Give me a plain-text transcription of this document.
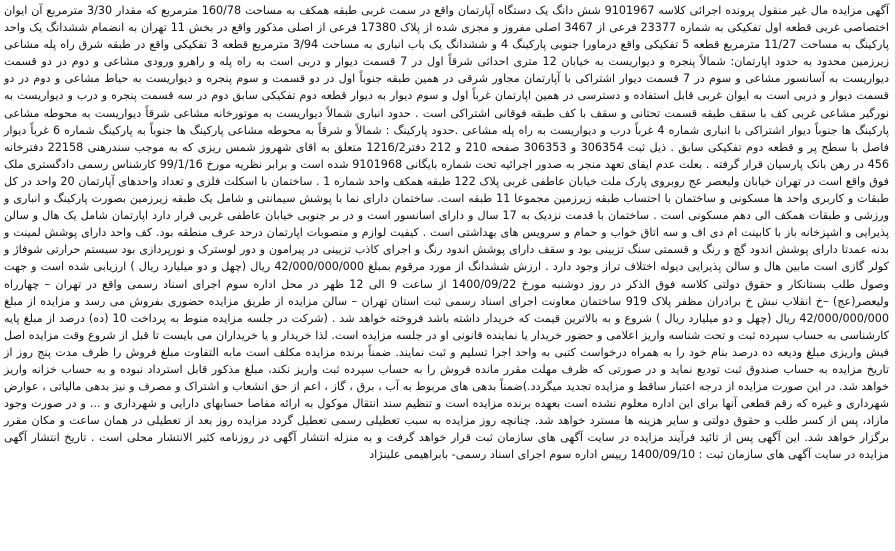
آگهی مزایده مال غیر منقول پرونده اجرائی کلاسه 9101967 شش دانگ یک دستگاه آپارتمان واقع در سمت غربی طبقه همکف به مساحت 160/78 مترمربع که مقدار 3/30 مترمربع آن ایوان اختصاصی غربی قطعه اول تفکیکی به شماره 23377 فرعی از 3467 اصلی مفروز و مجزی شده از پلاک 17380 فرعی از اصلی مذکور واقع در بخش 11 تهران به انضمام ششدانگ یک واحد پارکینگ به مساحت 11/27 مترمربع قطعه 5 تفکیکی واقع درماورا جنوبی پارکینگ 4 و ششدانگ یک باب انباری به مساحت 3/94 مترمربع قطعه 3 تفکیکی واقع در طبقه شرق راه پله مشاعی زیرزمین محدود به حدود اپارتمان: شمالاً پنجره و دیواریست به خیابان 12 متری احداثی شرقاً اول در 7 قسمت دیوار و دربی است به راه پله و راهرو ورودی مشاعی و دوم در دو قسمت دیواریست به آسانسور مشاعی و سوم در 7 قسمت دیوار اشتراکی با آپارتمان مجاور شرقی در همین طبقه جنوباً اول در دو قسمت و سوم پنجره و دیواریست به حیاط مشاعی و دوم در دو قسمت دیوار و دربی است به ایوان غربی قابل استفاده و دسترسی در همین اپارتمان غرباً اول و سوم دیوار به دیوار قطعه دوم تفکیکی سابق دوم در سه قسمت پنجره و درب و دیواریست به نورگیر مشاعی غربی کف با سقف طبقه قسمت تحتانی و سقف با کف طبقه فوقانی اشتراکی است . حدود انباری شمالاً دیواریست به موتورخانه مشاعی شرقاً دیواریست به محوطه مشاعی پارکینگ ها جنوباً دیوار اشتراکی با انباری شماره 4 غرباً درب و دیواریست به راه پله مشاعی .حدود پارکینگ : شمالاً و شرقاً به محوطه مشاعی پارکینگ ها جنوباً به پارکینگ شماره 6 غرباً دیوار فاصل با سطح پر و قطعه دوم تفکیکی سابق . ذیل ثبت 306354 و 306353 صفحه 210 و 212 دفتر1216/2 متعلق به اقای شهروز شمس ریزی که به موجب سندرهنی 22158 دفترخانه 456 در رهن بانک پارسیان قرار گرفته . بعلت عدم ایفای تعهد منجر به صدور اجرائیه تحت شماره بایگانی 9101968 شده است و برابر نظریه مورخ 99/1/16 کارشناس رسمی دادگستری ملک فوق واقع است در تهران خیابان ولیعصر عج روبروی پارک ملت خیابان عاطفی غربی پلاک 122 طبقه همکف واحد شماره 1 . ساختمان با اسکلت فلزی و تعداد واحدهای آپارتمان 20 واحد در کل طبقات و کاربری واحد ها مسکونی و ساختمان با احتساب طبقه زیرزمین مجموعا 11 طبقه است. ساختمان دارای نما با پوشش سیمانتی و شامل یک طبقه زیرزمین بصورت پارکینگ و انباری و ورزشی و طبقات همکف الی دهم مسکونی است . ساختمان با قدمت نزدیک به 17 سال و دارای اسانسور است و در بر جنوبی خیابان عاطفی غربی قرار دارد اپارتمان شامل یک هال و سالن پذیرایی و اشپزخانه باز با کابینت ام دی اف و سه اتاق خواب و حمام و سرویس های بهداشتی است . کیفیت لوازم و منصوبات اپارتمان درحد عرف منطقه بود. کف واحد دارای پوشش لمینت و بدنه عمدتا دارای پوشش اندود گچ و رنگ و قسمتی سنگ تزیینی بود و سقف دارای پوشش اندود رنگ و اجرای کاذب تزیینی در پیرامون و دور لوسترک و نورپردازی بود سیستم حرارتی شوفاژ و کولر گازی است مابین هال و سالن پذیرایی دیوله اختلاف تراز وجود دارد . ارزش ششدانگ از مورد مرقوم بمبلغ 42/000/000/000 ریال (چهل و دو میلیارد ریال ) ارزیابی شده است و جهت وصول طلب بستانکار و حقوق دولتی کلاسه فوق الذکر در روز دوشنبه مورخ 1400/09/22 از ساعت 9 الی 12 ظهر در محل اداره سوم اجرای اسناد رسمی واقع در تهران – چهارراه ولیعصر(عج) –خ انقلاب نبش خ برادران مظفر پلاک 919 ساختمان معاونت اجرای اسناد رسمی ثبت استان تهران – سالن مزایده از طریق مزایده حضوری بفروش می رسد و مزایده از مبلغ 42/000/000/000 ریال (چهل و دو میلیارد ریال ) شروع و به بالاترین قیمت که خریدار داشته باشد فروخته خواهد شد . (شرکت در جلسه مزایده منوط به پرداخت 10 (ده) درصد از مبلغ پایه کارشناسی به حساب سپرده ثبت و تحت شناسه واریز اعلامی و حضور خریدار یا نماینده قانونی او در جلسه مزایده است. لذا خریدار و یا خریداران می بایست تا قبل از شروع وقت مزایده اصل فیش واریزی مبلغ ودیعه ده درصد بنام خود را به همراه درخواست کتبی به واحد اجرا تسلیم و ثبت نمایند. ضمناً برنده مزایده مکلف است مابه التفاوت مبلغ فروش را ظرف مدت پنج روز از تاریخ مزایده به حساب صندوق ثبت تودیع نماید و در صورتی که ظرف مهلت مقرر مانده فروش را به حساب سپرده ثبت واریز نکند، مبلغ مذکور قابل استرداد نبوده و به حساب خزانه واریز خواهد شد. در این صورت مزایده از درجه اعتبار ساقط و مزایده تجدید میگردد.)ضمناً بدهی های مربوط به آب ، برق ، گاز ، اعم از حق انشعاب و اشتراک و مصرف و نیز بدهی مالیاتی ، عوارض شهرداری و غیره که رقم قطعی آنها برای این اداره معلوم نشده است بعهده برنده مزایده است و تنظیم سند انتقال موکول به ارائه مفاصا حسابهای دارایی و شهرداری و ... و در صورت وجود مازاد، پس از کسر طلب و حقوق دولتی و سایر هزینه ها مسترد خواهد شد. چنانچه روز مزایده به سبب تعطیلی رسمی تعطیل گردد مزایده روز بعد از تعطیلی در همان ساعت و مکان مقرر برگزار خواهد شد. این آگهی پس از تائید فرآیند مزایده در سایت آگهی های سازمان ثبت قرار خواهد گرفت و به منزله انتشار آگهی در روزنامه کثیر الانتشار محلی است . تاریخ انتشار آگهی مزایده در سایت آگهی های سازمان ثبت : 1400/09/10 رییس اداره سوم اجرای اسناد رسمی- بابراهیمی علینژاد
